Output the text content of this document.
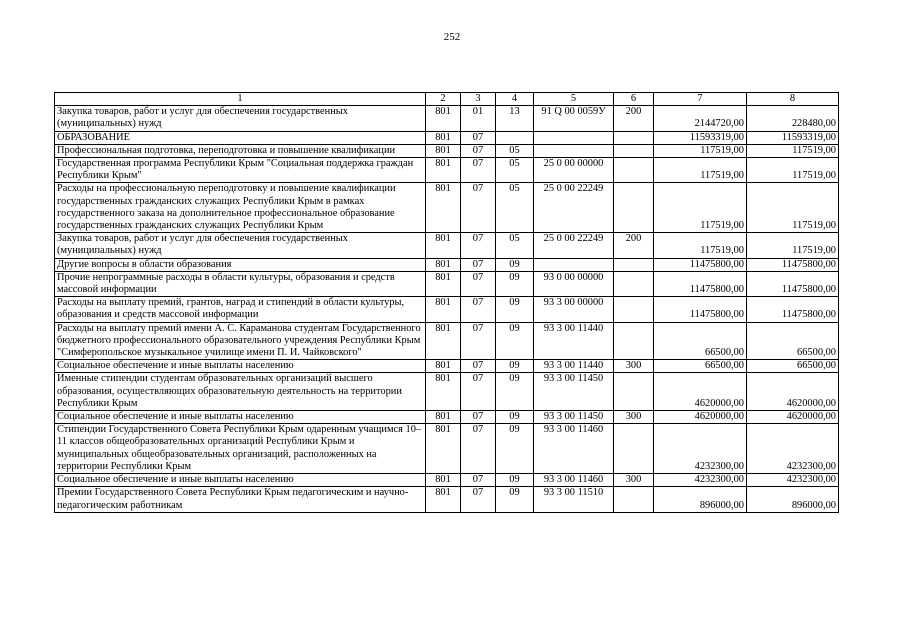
252
1	2	3	4	5	6	7	8
Закупка товаров, работ и услуг для обеспечения государственных (муниципальных) нужд	801	01	13	91 Q 00 0059У	200	2144720,00	228480,00
ОБРАЗОВАНИЕ	801	07				11593319,00	11593319,00
Профессиональная подготовка, переподготовка и повышение квалификации	801	07	05			117519,00	117519,00
Государственная программа Республики Крым "Социальная поддержка граждан Республики Крым"	801	07	05	25 0 00 00000		117519,00	117519,00
Расходы на профессиональную переподготовку и повышение квалификации государственных гражданских служащих Республики Крым в рамках государственного заказа на дополнительное профессиональное образование государственных гражданских служащих Республики Крым	801	07	05	25 0 00 22249		117519,00	117519,00
Закупка товаров, работ и услуг для обеспечения государственных (муниципальных) нужд	801	07	05	25 0 00 22249	200	117519,00	117519,00
Другие вопросы в области образования	801	07	09			11475800,00	11475800,00
Прочие непрограммные расходы в области культуры, образования и средств массовой информации	801	07	09	93 0 00 00000		11475800,00	11475800,00
Расходы на выплату премий, грантов, наград и стипендий в области культуры, образования и средств массовой информации	801	07	09	93 3 00 00000		11475800,00	11475800,00
Расходы на выплату премий имени А. С. Караманова студентам Государственного бюджетного профессионального образовательного учреждения Республики Крым "Симферопольское музыкальное училище имени П. И. Чайковского"	801	07	09	93 3 00 11440		66500,00	66500,00
Социальное обеспечение и иные выплаты населению	801	07	09	93 3 00 11440	300	66500,00	66500,00
Именные стипендии студентам образовательных организаций высшего образования, осуществляющих образовательную деятельность на территории Республики Крым	801	07	09	93 3 00 11450		4620000,00	4620000,00
Социальное обеспечение и иные выплаты населению	801	07	09	93 3 00 11450	300	4620000,00	4620000,00
Стипендии Государственного Совета Республики Крым одаренным учащимся 10–11 классов общеобразовательных организаций Республики Крым и муниципальных общеобразовательных организаций, расположенных на территории Республики Крым	801	07	09	93 3 00 11460		4232300,00	4232300,00
Социальное обеспечение и иные выплаты населению	801	07	09	93 3 00 11460	300	4232300,00	4232300,00
Премии Государственного Совета Республики Крым педагогическим и научно-педагогическим работникам	801	07	09	93 3 00 11510		896000,00	896000,00
